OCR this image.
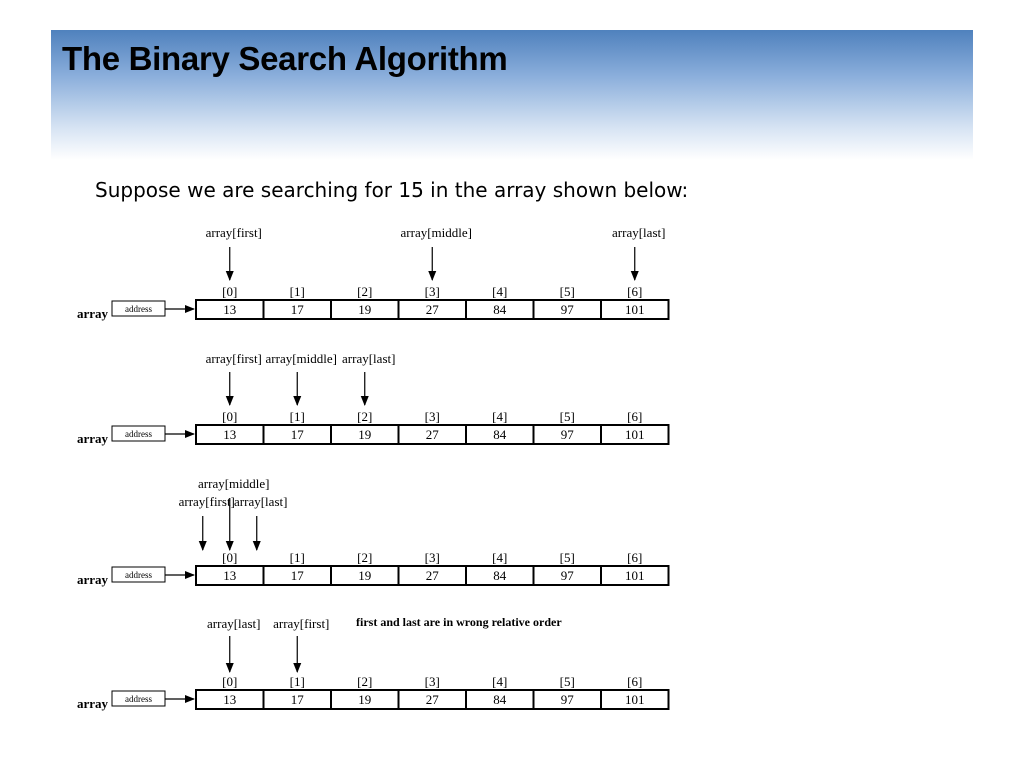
The Binary Search Algorithm
Suppose we are searching for 15 in the array shown below:
array[first]	array[middle]	array[last]
[0]	[1]	[2]	[3]	[4]	[5]	[6]
13	17	19	27	84	97	101
array address
array[first] array[middle] array[last]
[0]	[1]	[2]	[3]	[4]	[5]	[6]
13	17	19	27	84	97	101
array address
array[first]
array[middle]
array[last]
[0]	[1]	[2]	[3]	[4]	[5]	[6]
13	17	19	27	84	97	101
array address
array[last] array[first] first and last are in wrong relative order
[0]	[1]	[2]	[3]	[4]	[5]	[6]
13	17	19	27	84	97	101
array address
